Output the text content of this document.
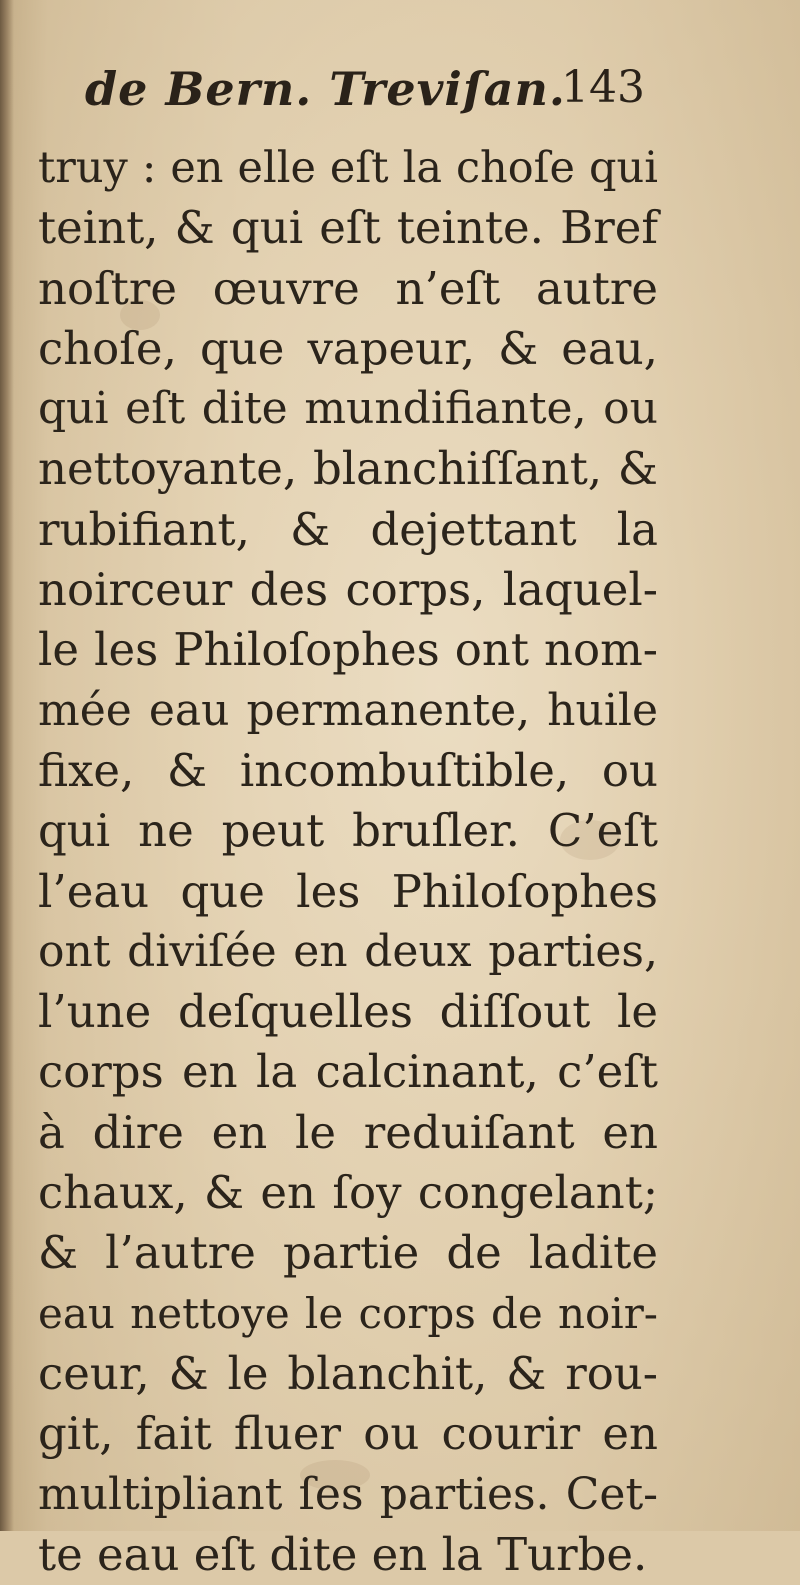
de Bern. Treviſan.
143
truy : en elle eſt la choſe qui
teint, & qui eſt teinte. Bref
noſtre œuvre n’eſt autre
choſe, que vapeur, & eau,
qui eſt dite mundifiante, ou
nettoyante, blanchiſſant, &
rubifiant, & dejettant la
noirceur des corps, laquel-
le les Philoſophes ont nom-
mée eau permanente, huile
fixe, & incombuſtible, ou
qui ne peut bruſler. C’eſt
l’eau que les Philoſophes
ont diviſée en deux parties,
l’une deſquelles diſſout le
corps en la calcinant, c’eſt
à dire en le reduiſant en
chaux, & en ſoy congelant;
& l’autre partie de ladite
eau nettoye le corps de noir-
ceur, & le blanchit, & rou-
git, fait fluer ou courir en
multipliant ſes parties. Cet-
te eau eſt dite en la Turbe.
